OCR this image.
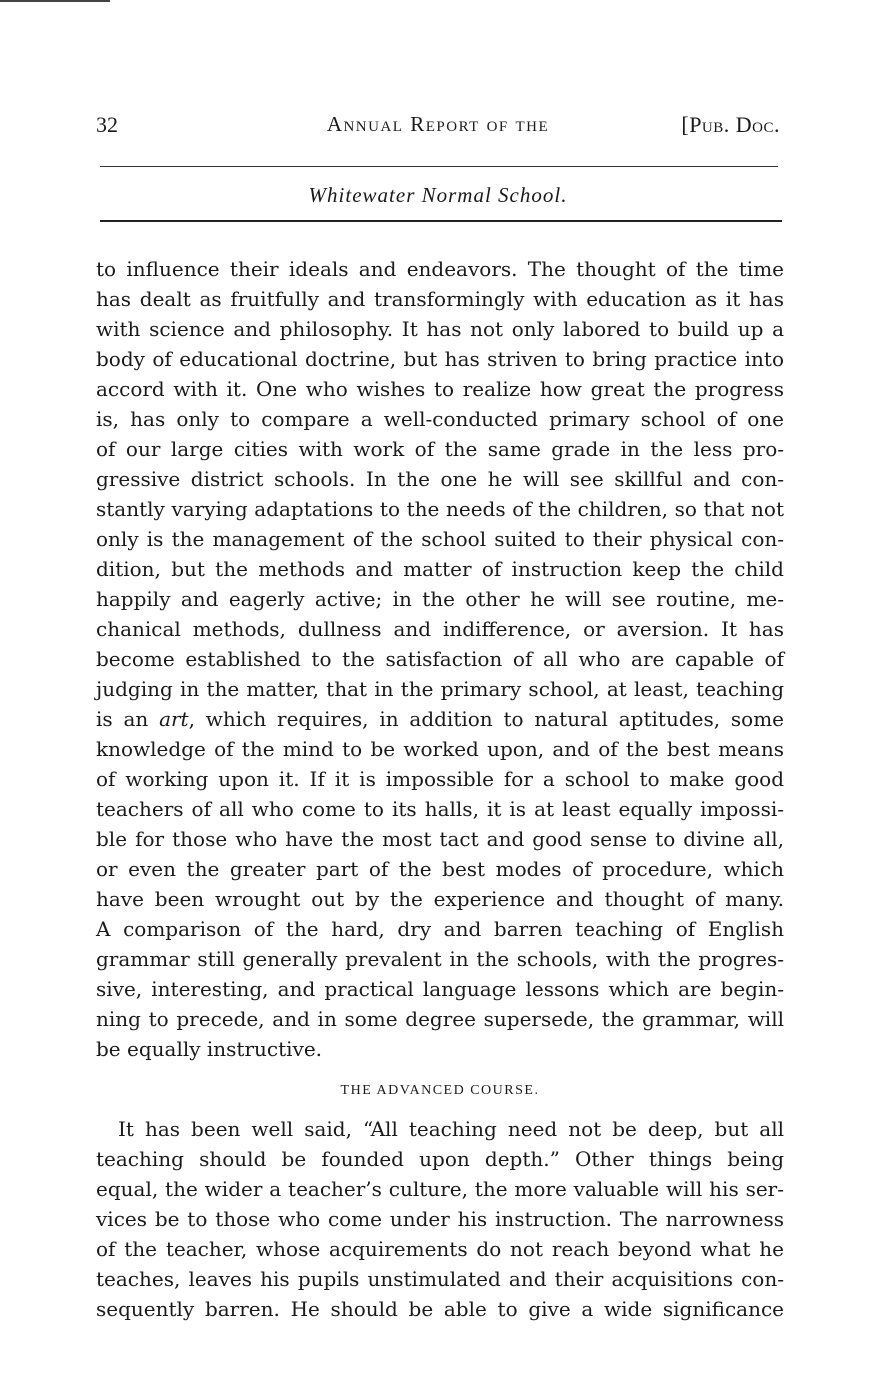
32	Annual Report of the	[Pub. Doc.
Whitewater Normal School.
to influence their ideals and endeavors. The thought of the time
has dealt as fruitfully and transformingly with education as it has
with science and philosophy. It has not only labored to build up a
body of educational doctrine, but has striven to bring practice into
accord with it. One who wishes to realize how great the progress
is, has only to compare a well-conducted primary school of one
of our large cities with work of the same grade in the less pro-
gressive district schools. In the one he will see skillful and con-
stantly varying adaptations to the needs of the children, so that not
only is the management of the school suited to their physical con-
dition, but the methods and matter of instruction keep the child
happily and eagerly active; in the other he will see routine, me-
chanical methods, dullness and indifference, or aversion. It has
become established to the satisfaction of all who are capable of
judging in the matter, that in the primary school, at least, teaching
is an art, which requires, in addition to natural aptitudes, some
knowledge of the mind to be worked upon, and of the best means
of working upon it. If it is impossible for a school to make good
teachers of all who come to its halls, it is at least equally impossi-
ble for those who have the most tact and good sense to divine all,
or even the greater part of the best modes of procedure, which
have been wrought out by the experience and thought of many.
A comparison of the hard, dry and barren teaching of English
grammar still generally prevalent in the schools, with the progres-
sive, interesting, and practical language lessons which are begin-
ning to precede, and in some degree supersede, the grammar, will
be equally instructive.
THE ADVANCED COURSE.
It has been well said, “All teaching need not be deep, but all
teaching should be founded upon depth.” Other things being
equal, the wider a teacher’s culture, the more valuable will his ser-
vices be to those who come under his instruction. The narrowness
of the teacher, whose acquirements do not reach beyond what he
teaches, leaves his pupils unstimulated and their acquisitions con-
sequently barren. He should be able to give a wide significance
